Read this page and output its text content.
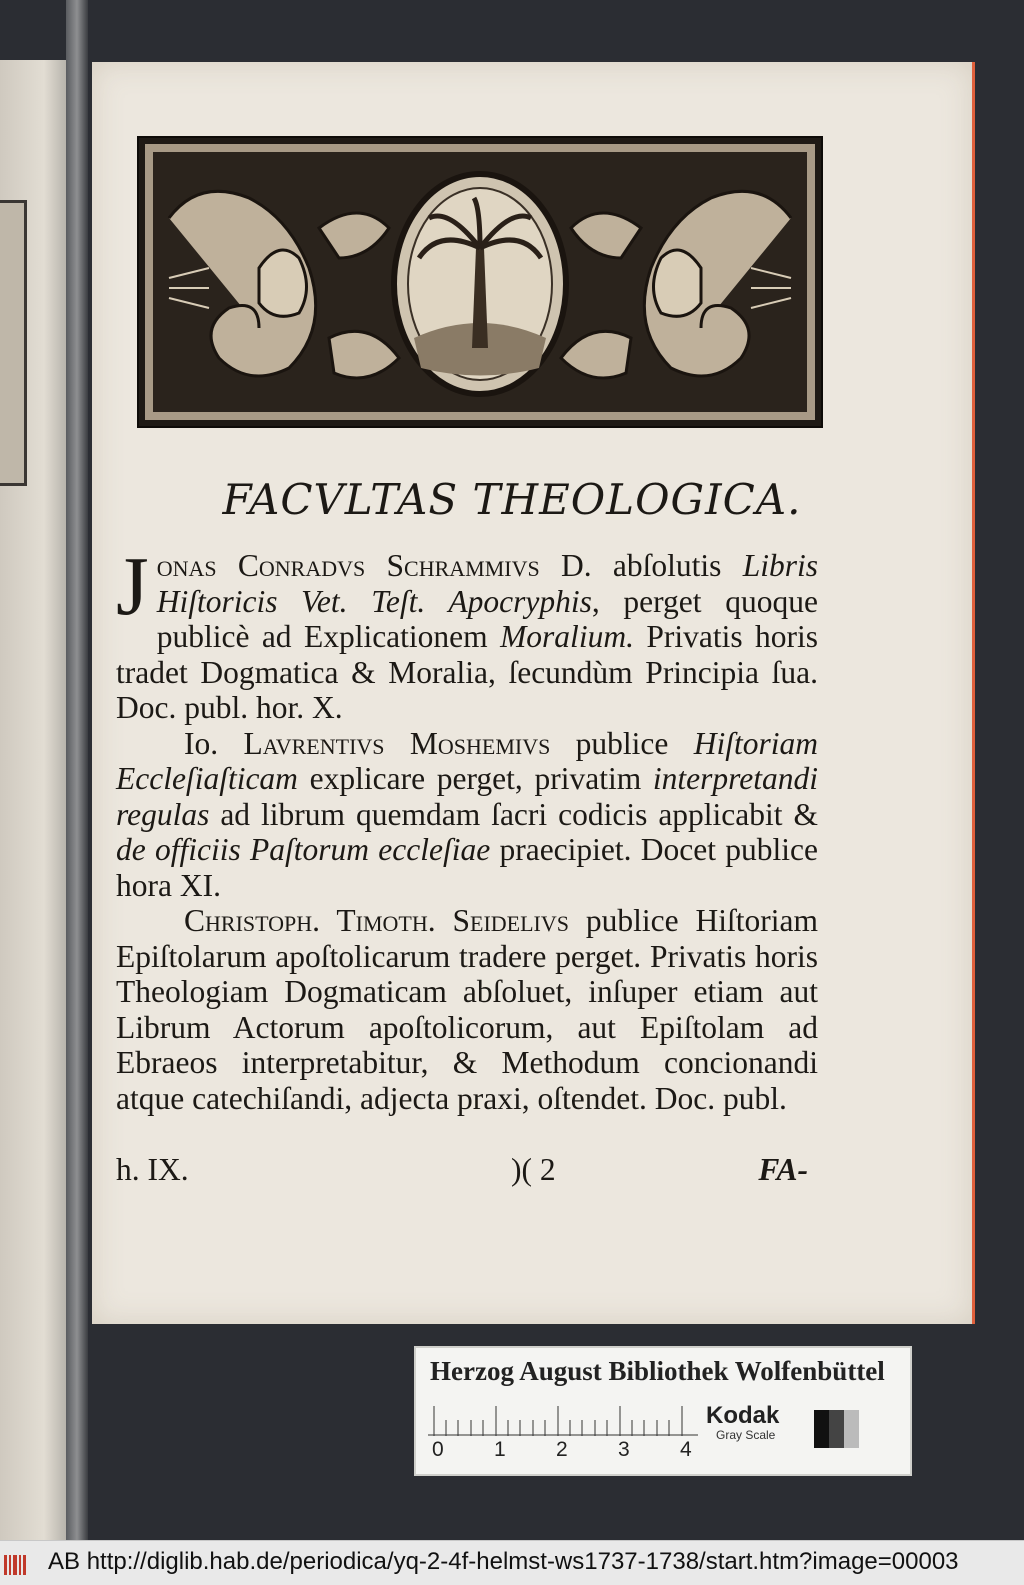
FACVLTAS THEOLOGICA.

Jonas Conradvs Schrammivs D. abſolutis Libris Hiſtoricis Vet. Teſt. Apocryphis, perget quoque publicè ad Explicationem Moralium. Privatis horis tradet Dogmatica & Moralia, ſecundùm Principia ſua. Doc. publ. hor. X.

Io. Lavrentivs Moshemivs publice Hiſtoriam Eccleſiaſticam explicare perget, privatim interpretandi regulas ad librum quemdam ſacri codicis applicabit & de officiis Paſtorum eccleſiae praecipiet. Docet publice hora XI.

Christoph. Timoth. Seidelivs publice Hiſtoriam Epiſtolarum apoſtolicarum tradere perget. Privatis horis Theologiam Dogmaticam abſoluet, inſuper etiam aut Librum Actorum apoſtolicorum, aut Epiſtolam ad Ebraeos interpretabitur, & Methodum concionandi atque catechiſandi, adjecta praxi, oſtendet. Doc. publ.

h. IX.	)( 2	FA-
Herzog August Bibliothek Wolfenbüttel
0 1 2 3 4
Kodak
Gray Scale
AB http://diglib.hab.de/periodica/yq-2-4f-helmst-ws1737-1738/start.htm?image=00003
